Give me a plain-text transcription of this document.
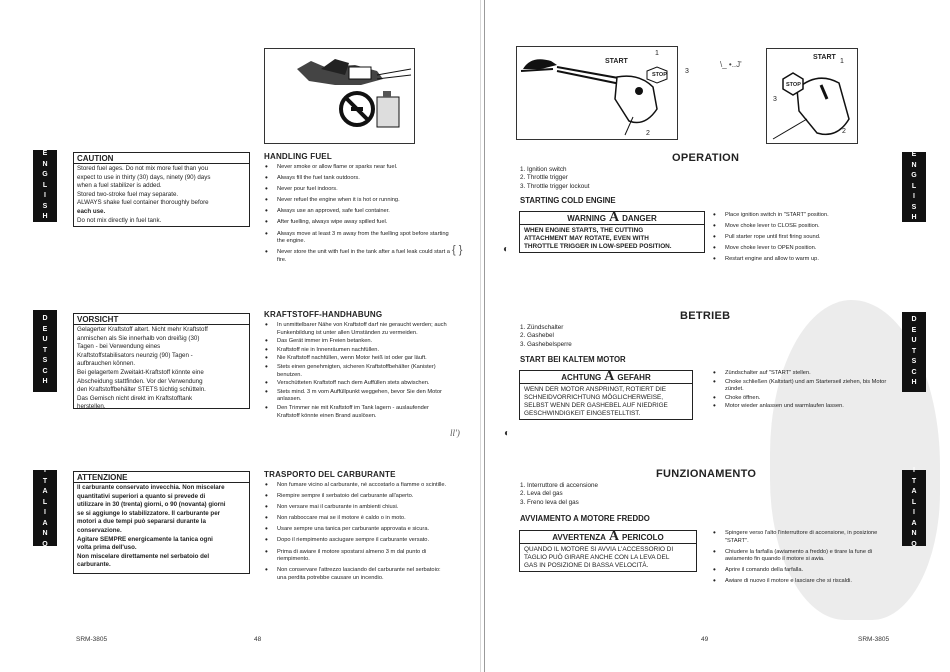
E
N
G
L
I
S
H
CAUTION
Stored fuel ages. Do not mix more fuel than you
expect to use in thirty (30) days, ninety (90) days
when a fuel stabilizer is added.
Stored two-stroke fuel may separate.
ALWAYS shake fuel container thoroughly before
each use.
Do not mix directly in fuel tank.
HANDLING FUEL
• Never smoke or allow flame or sparks near fuel.
• Always fill the fuel tank outdoors.
• Never pour fuel indoors.
• Never refuel the engine when it is hot or running.
• Always use an approved, safe fuel container.
• After fuelling, always wipe away spilled fuel.
• Always move at least 3 m away from the fuelling spot before starting the engine.
• Never store the unit with fuel in the tank after a fuel leak could start a fire.
{ }
D
E
U
T
S
C
H
VORSICHT
Gelagerter Kraftstoff altert. Nicht mehr Kraftstoff
anmischen als Sie innerhalb von dreißig (30)
Tagen - bei Verwendung eines
Kraftstoffstabilisators neunzig (90) Tagen -
aufbrauchen können.
Bei gelagertem Zweitakt-Kraftstoff könnte eine
Abscheidung stattfinden. Vor der Verwendung
den Kraftstoffbehälter STETS tüchtig schütteln.
Das Gemisch nicht direkt im Kraftstofftank
herstellen.
KRAFTSTOFF-HANDHABUNG
• In unmittelbarer Nähe von Kraftstoff darf nie geraucht werden; auch Funkenbildung ist unter allen Umständen zu vermeiden.
• Das Gerät immer im Freien betanken.
• Kraftstoff nie in Innenräumen nachfüllen.
• Nie Kraftstoff nachfüllen, wenn Motor heiß ist oder gar läuft.
• Stets einen genehmigten, sicheren Kraftstoffbehälter (Kanister) benutzen.
• Verschütteten Kraftstoff nach dem Auffüllen stets abwischen.
• Stets mind. 3 m vom Auffüllpunkt weggehen, bevor Sie den Motor anlassen.
• Den Trimmer nie mit Kraftstoff im Tank lagern - auslaufender Kraftstoff könnte einen Brand auslösen.
ll')
I
T
A
L
I
A
N
O
ATTENZIONE
Il carburante conservato invecchia. Non miscelare
quantitativi superiori a quanto si prevede di
utilizzare in 30 (trenta) giorni, o 90 (novanta) giorni
se si aggiunge lo stabilizzatore. Il carburante per
motori a due tempi può separarsi durante la
conservazione.
Agitare SEMPRE energicamente la tanica ogni
volta prima dell'uso.
Non miscelare direttamente nel serbatoio del
carburante.
TRASPORTO DEL CARBURANTE
• Non fumare vicino al carburante, né accostarlo a fiamme o scintille.
• Riempire sempre il serbatoio del carburante all'aperto.
• Non versare mai il carburante in ambienti chiusi.
• Non rabboccare mai se il motore è caldo o in moto.
• Usare sempre una tanica per carburante approvata e sicura.
• Dopo il riempimento asciugare sempre il carburante versato.
• Prima di awiare il motore spostarsi almeno 3 m dal punto di riempimento.
• Non conservare l'attrezzo lasciando del carburante nel serbatoio: una perdita potrebbe causare un incendio.
SRM-3805	48
START
STOP
1
3
2
\_ •..J'
START
STOP
1
3
2
OPERATION	E
N
G
L
I
S
H
1. Ignition switch
2. Throttle trigger
3. Throttle trigger lockout
STARTING COLD ENGINE
WARNING A DANGER
WHEN ENGINE STARTS, THE CUTTING
ATTACHMENT MAY ROTATE, EVEN WITH
THROTTLE TRIGGER IN LOW-SPEED POSITION.
• Place ignition switch in "START" position.
• Move choke lever to CLOSE position.
• Pull starter rope until first firing sound.
• Move choke lever to OPEN position.
• Restart engine and allow to warm up.
BETRIEB	D
E
U
T
S
C
H
1. Zündschalter
2. Gashebel
3. Gashebelsperre
START BEI KALTEM MOTOR
ACHTUNG A GEFAHR
WENN DER MOTOR ANSPRINGT, ROTIERT DIE
SCHNEIDVORRICHTUNG MÖGLICHERWEISE,
SELBST WENN DER GASHEBEL AUF NIEDRIGE
GESCHWINDIGKEIT EINGESTELLTIST.
• Zündschalter auf "START" stellen.
• Choke schließen (Kaltstart) und am Starterseil ziehen, bis Motor zündet.
• Choke öffnen.
• Motor wieder anlassen und warmlaufen lassen.
FUNZIONAMENTO	I
T
A
L
I
A
N
O
1. Interruttore di accensione
2. Leva del gas
3. Freno leva del gas
AVVIAMENTO A MOTORE FREDDO
AVVERTENZA A PERICOLO
QUANDO IL MOTORE SI AVVIA L'ACCESSORIO DI
TAGLIO PUÒ GIRARE ANCHE CON LA LEVA DEL
GAS IN POSIZIONE DI BASSA VELOCITÀ.
• Spingere verso l'alto l'interruttore di accensione, in posizione "START".
• Chiudere la farfalla (awiamento a freddo) e tirare la fune di awiamento fin quando il motore si awia.
• Aprire il comando della farfalla.
• Awiare di nuovo il motore e lasciare che si riscaldi.
◐
◐
49	SRM-3805
